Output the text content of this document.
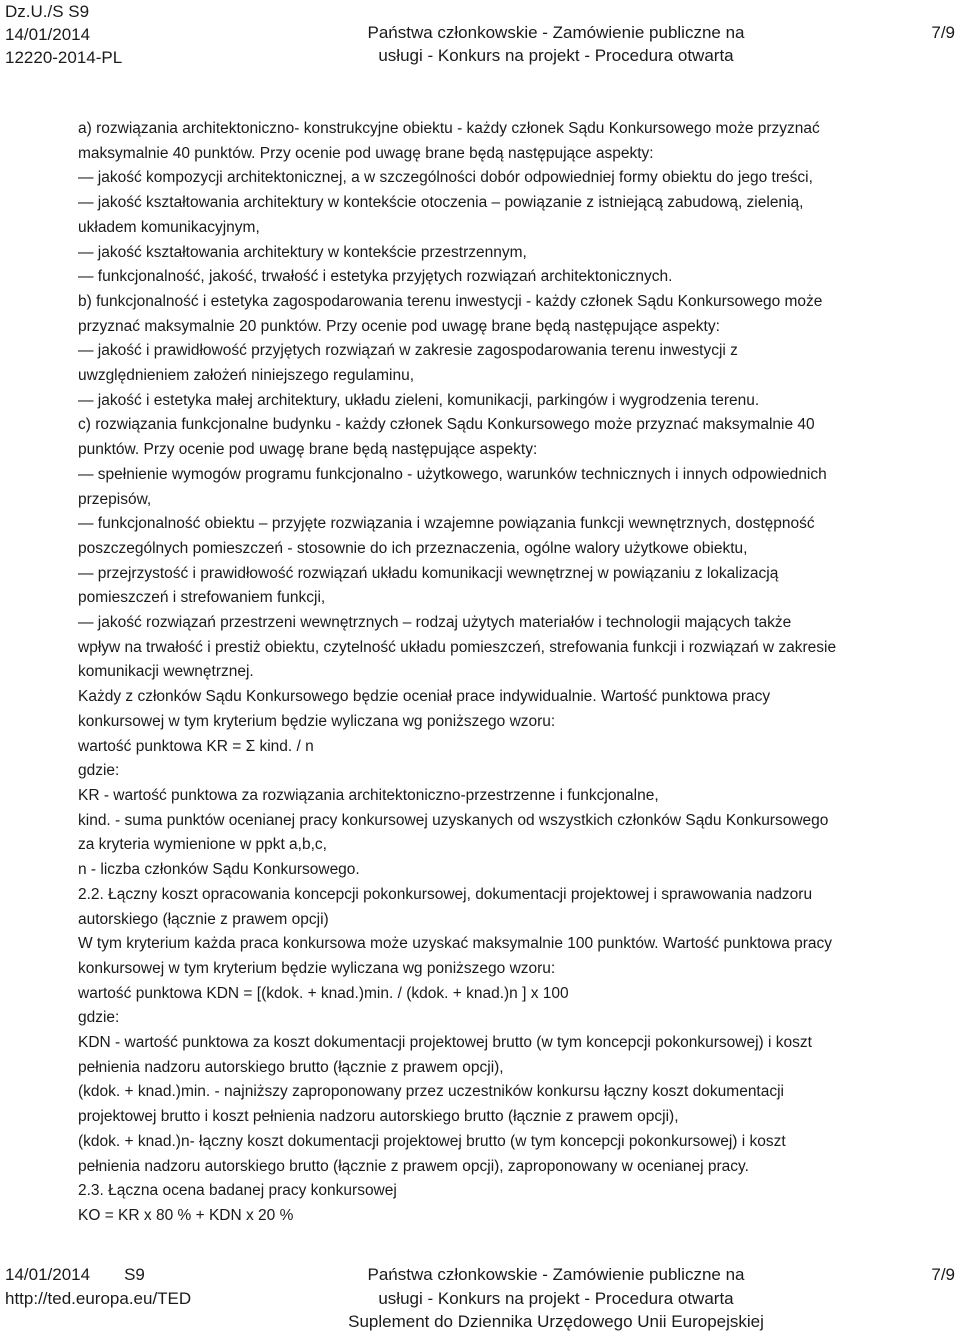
Dz.U./S S9
14/01/2014
12220-2014-PL
Państwa członkowskie - Zamówienie publiczne na
usługi - Konkurs na projekt - Procedura otwarta
7/9
a) rozwiązania architektoniczno- konstrukcyjne obiektu - każdy członek Sądu Konkursowego może przyznać
maksymalnie 40 punktów. Przy ocenie pod uwagę brane będą następujące aspekty:
— jakość kompozycji architektonicznej, a w szczególności dobór odpowiedniej formy obiektu do jego treści,
— jakość kształtowania architektury w kontekście otoczenia – powiązanie z istniejącą zabudową, zielenią,
układem komunikacyjnym,
— jakość kształtowania architektury w kontekście przestrzennym,
— funkcjonalność, jakość, trwałość i estetyka przyjętych rozwiązań architektonicznych.
b) funkcjonalność i estetyka zagospodarowania terenu inwestycji - każdy członek Sądu Konkursowego może
przyznać maksymalnie 20 punktów. Przy ocenie pod uwagę brane będą następujące aspekty:
— jakość i prawidłowość przyjętych rozwiązań w zakresie zagospodarowania terenu inwestycji z
uwzględnieniem założeń niniejszego regulaminu,
— jakość i estetyka małej architektury, układu zieleni, komunikacji, parkingów i wygrodzenia terenu.
c) rozwiązania funkcjonalne budynku - każdy członek Sądu Konkursowego może przyznać maksymalnie 40
punktów. Przy ocenie pod uwagę brane będą następujące aspekty:
— spełnienie wymogów programu funkcjonalno - użytkowego, warunków technicznych i innych odpowiednich
przepisów,
— funkcjonalność obiektu – przyjęte rozwiązania i wzajemne powiązania funkcji wewnętrznych, dostępność
poszczególnych pomieszczeń - stosownie do ich przeznaczenia, ogólne walory użytkowe obiektu,
— przejrzystość i prawidłowość rozwiązań układu komunikacji wewnętrznej w powiązaniu z lokalizacją
pomieszczeń i strefowaniem funkcji,
— jakość rozwiązań przestrzeni wewnętrznych – rodzaj użytych materiałów i technologii mających także
wpływ na trwałość i prestiż obiektu, czytelność układu pomieszczeń, strefowania funkcji i rozwiązań w zakresie
komunikacji wewnętrznej.
Każdy z członków Sądu Konkursowego będzie oceniał prace indywidualnie. Wartość punktowa pracy
konkursowej w tym kryterium będzie wyliczana wg poniższego wzoru:
wartość punktowa KR = Σ kind. / n
gdzie:
KR - wartość punktowa za rozwiązania architektoniczno-przestrzenne i funkcjonalne,
kind. - suma punktów ocenianej pracy konkursowej uzyskanych od wszystkich członków Sądu Konkursowego
za kryteria wymienione w ppkt a,b,c,
n - liczba członków Sądu Konkursowego.
2.2. Łączny koszt opracowania koncepcji pokonkursowej, dokumentacji projektowej i sprawowania nadzoru
autorskiego (łącznie z prawem opcji)
W tym kryterium każda praca konkursowa może uzyskać maksymalnie 100 punktów. Wartość punktowa pracy
konkursowej w tym kryterium będzie wyliczana wg poniższego wzoru:
wartość punktowa KDN = [(kdok. + knad.)min. / (kdok. + knad.)n ] x 100
gdzie:
KDN - wartość punktowa za koszt dokumentacji projektowej brutto (w tym koncepcji pokonkursowej) i koszt
pełnienia nadzoru autorskiego brutto (łącznie z prawem opcji),
(kdok. + knad.)min. - najniższy zaproponowany przez uczestników konkursu łączny koszt dokumentacji
projektowej brutto i koszt pełnienia nadzoru autorskiego brutto (łącznie z prawem opcji),
(kdok. + knad.)n- łączny koszt dokumentacji projektowej brutto (w tym koncepcji pokonkursowej) i koszt
pełnienia nadzoru autorskiego brutto (łącznie z prawem opcji), zaproponowany w ocenianej pracy.
2.3. Łączna ocena badanej pracy konkursowej
KO = KR x 80 % + KDN x 20 %
14/01/2014 S9
http://ted.europa.eu/TED
Państwa członkowskie - Zamówienie publiczne na
usługi - Konkurs na projekt - Procedura otwarta
Suplement do Dziennika Urzędowego Unii Europejskiej
7/9
